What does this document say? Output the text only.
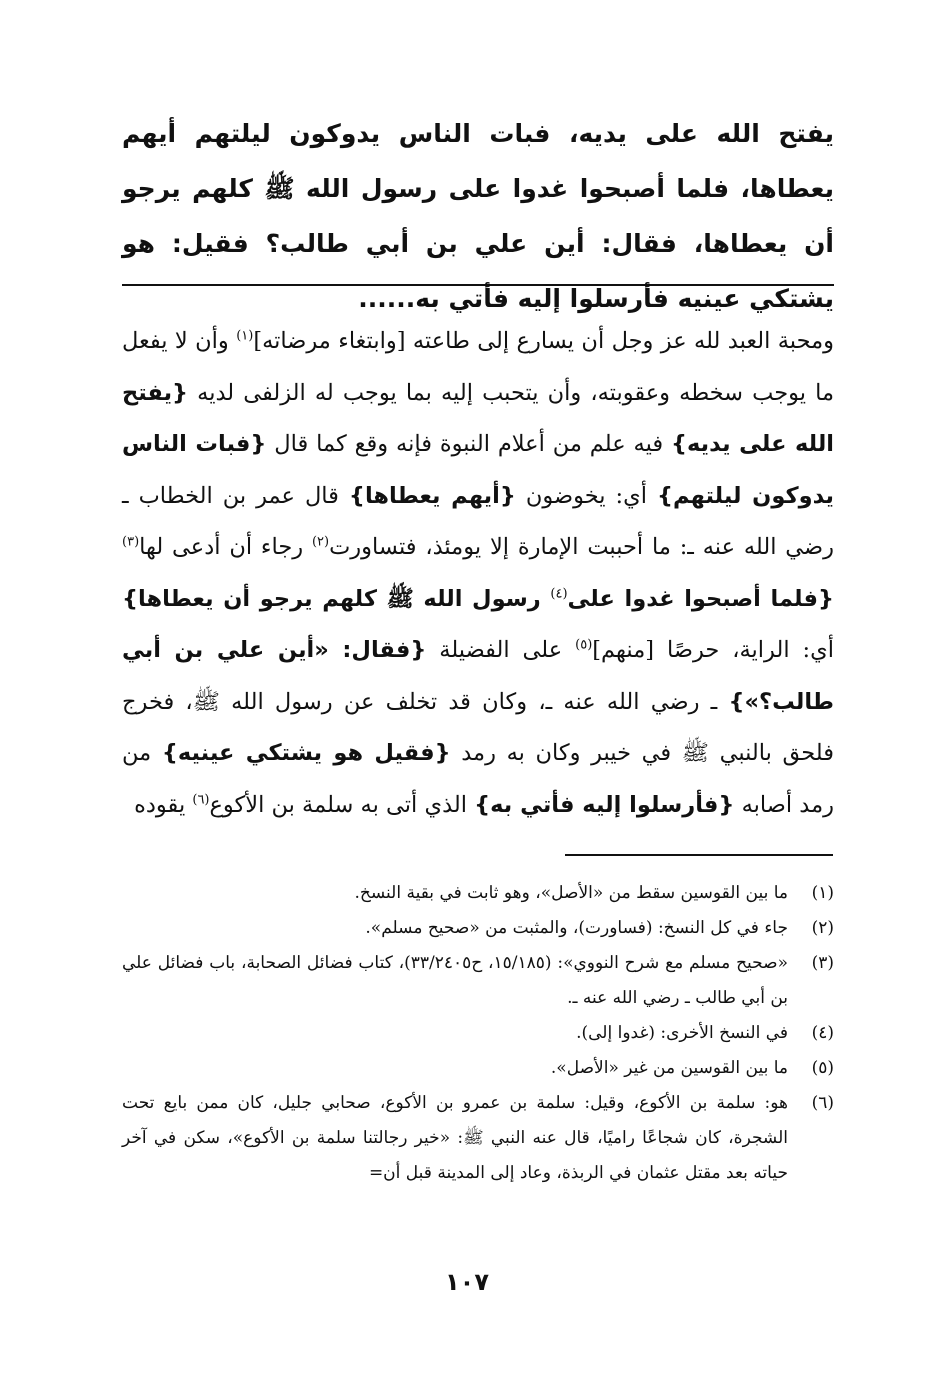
يفتح الله على يديه، فبات الناس يدوكون ليلتهم أيهم يعطاها، فلما أصبحوا غدوا على رسول الله ﷺ كلهم يرجو أن يعطاها، فقال: أين علي بن أبي طالب؟ فقيل: هو يشتكي عينيه فأرسلوا إليه فأتي به......
ومحبة العبد لله عز وجل أن يسارع إلى طاعته [وابتغاء مرضاته]$^{(١)}$ وأن لا يفعل ما يوجب سخطه وعقوبته، وأن يتحبب إليه بما يوجب له الزلفى لديه {يفتح الله على يديه} فيه علم من أعلام النبوة فإنه وقع كما قال {فبات الناس يدوكون ليلتهم} أي: يخوضون {أيهم يعطاها} قال عمر بن الخطاب ـ رضي الله عنه ـ: ما أحببت الإمارة إلا يومئذ، فتساورت$^{(٢)}$ رجاء أن أدعى لها$^{(٣)}$ {فلما أصبحوا غدوا على$^{(٤)}$ رسول الله ﷺ كلهم يرجو أن يعطاها} أي: الراية، حرصًا [منهم]$^{(٥)}$ على الفضيلة {فقال: «أين علي بن أبي طالب؟»} ـ رضي الله عنه ـ، وكان قد تخلف عن رسول الله ﷺ، فخرج فلحق بالنبي ﷺ في خيبر وكان به رمد {فقيل هو يشتكي عينيه} من رمد أصابه {فأرسلوا إليه فأتي به} الذي أتى به سلمة بن الأكوع$^{(٦)}$ يقوده
(١)
ما بين القوسين سقط من «الأصل»، وهو ثابت في بقية النسخ.
(٢)
جاء في كل النسخ: (فساورت)، والمثبت من «صحيح مسلم».
(٣)
«صحيح مسلم مع شرح النووي»: (١٥/١٨٥، ح٣٣/٢٤٠٥)، كتاب فضائل الصحابة، باب فضائل علي بن أبي طالب ـ رضي الله عنه ـ.
(٤)
في النسخ الأخرى: (غدوا إلى).
(٥)
ما بين القوسين من غير «الأصل».
(٦)
هو: سلمة بن الأكوع، وقيل: سلمة بن عمرو بن الأكوع، صحابي جليل، كان ممن بايع تحت الشجرة، كان شجاعًا راميًا، قال عنه النبي ﷺ: «خير رجالتنا سلمة بن الأكوع»، سكن في آخر حياته بعد مقتل عثمان في الربذة، وعاد إلى المدينة قبل أن=
١٠٧
